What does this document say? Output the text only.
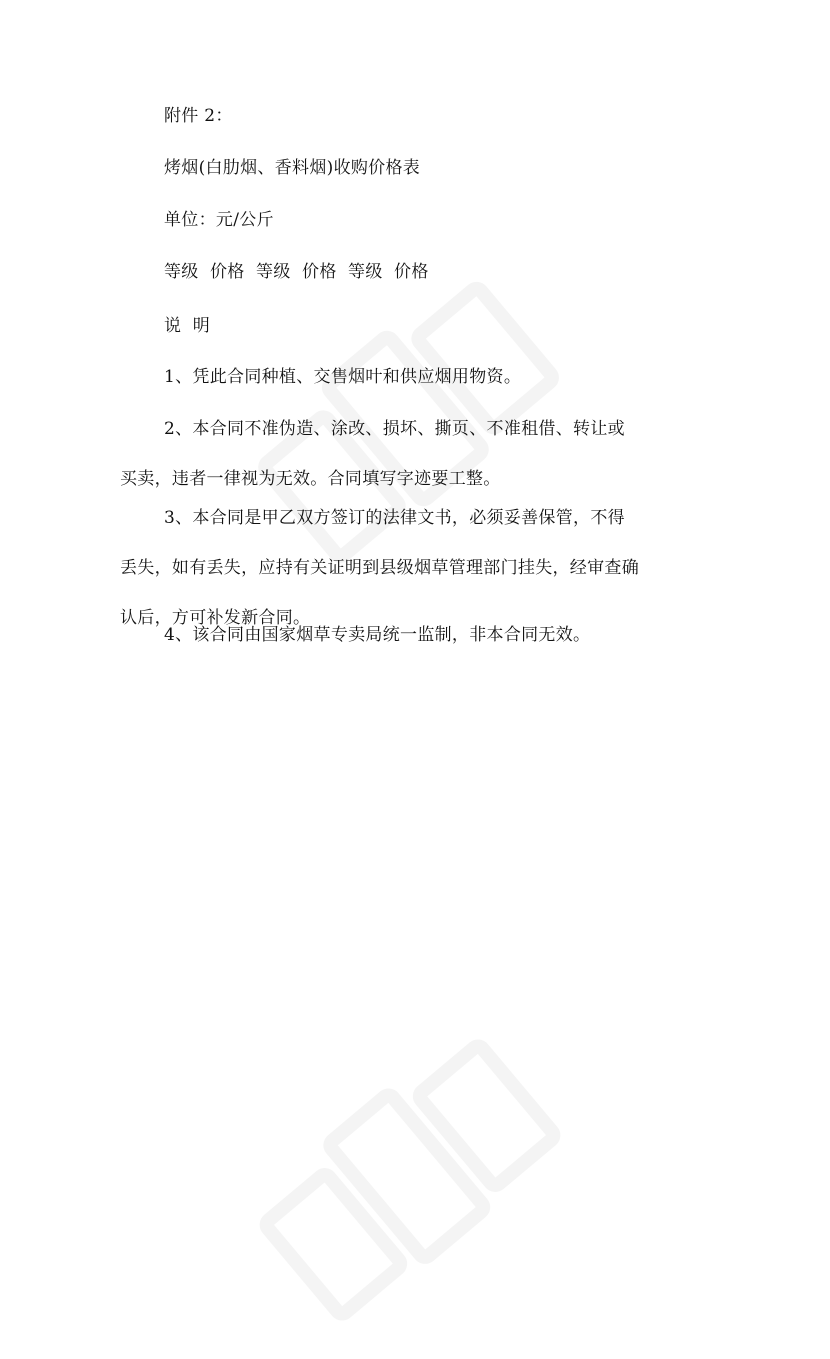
附件 2：
烤烟(白肋烟、香料烟)收购价格表
单位：元/公斤
等级  价格  等级  价格  等级  价格
说  明
1、凭此合同种植、交售烟叶和供应烟用物资。
2、本合同不准伪造、涂改、损坏、撕页、不准租借、转让或买卖，违者一律视为无效。合同填写字迹要工整。
3、本合同是甲乙双方签订的法律文书，必须妥善保管，不得丢失，如有丢失，应持有关证明到县级烟草管理部门挂失，经审查确认后，方可补发新合同。
4、该合同由国家烟草专卖局统一监制，非本合同无效。
